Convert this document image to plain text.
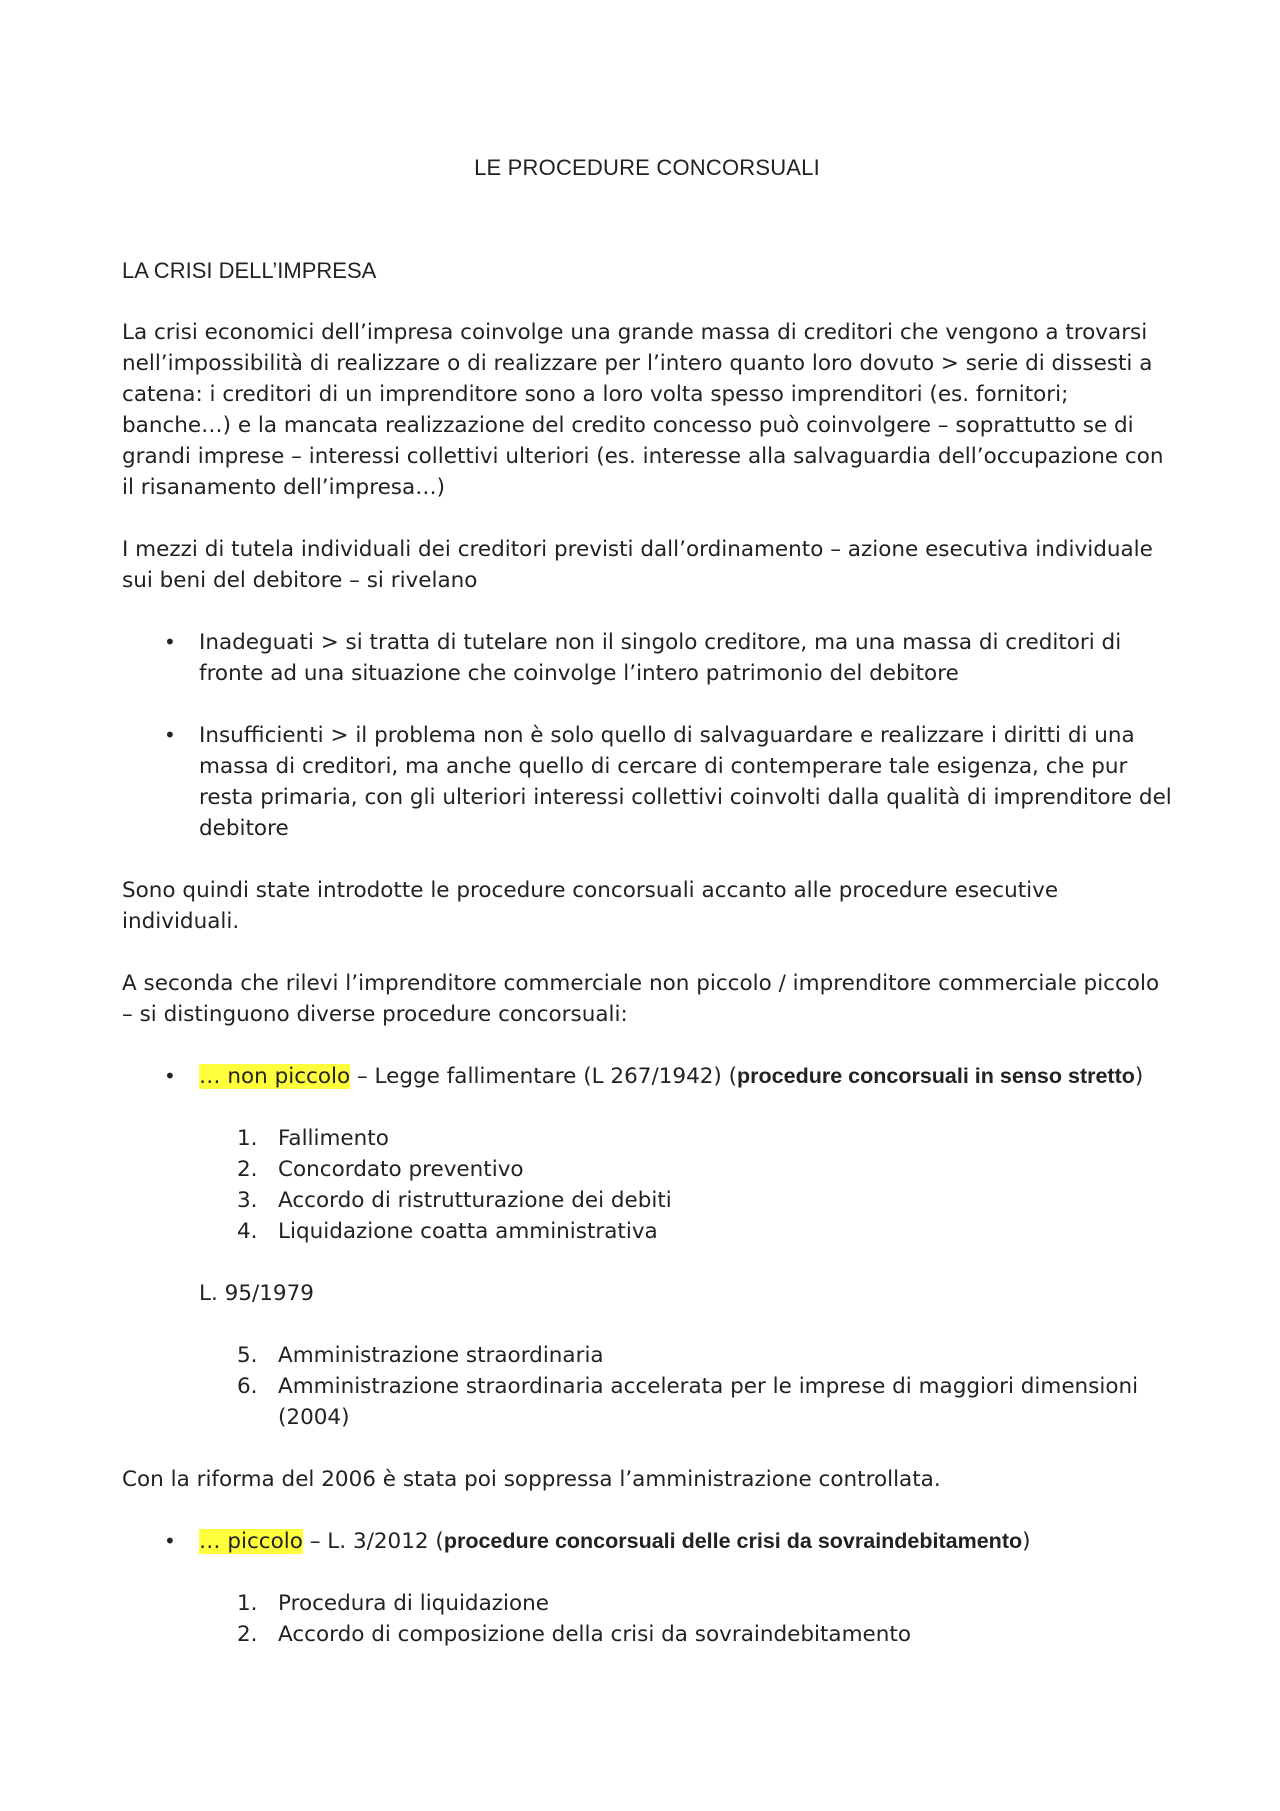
LE PROCEDURE CONCORSUALI
LA CRISI DELL’IMPRESA

La crisi economici dell’impresa coinvolge una grande massa di creditori che vengono a trovarsi nell’impossibilità di realizzare o di realizzare per l’intero quanto loro dovuto > serie di dissesti a catena: i creditori di un imprenditore sono a loro volta spesso imprenditori (es. fornitori; banche…) e la mancata realizzazione del credito concesso può coinvolgere – soprattutto se di grandi imprese – interessi collettivi ulteriori (es. interesse alla salvaguardia dell’occupazione con il risanamento dell’impresa…)

I mezzi di tutela individuali dei creditori previsti dall’ordinamento – azione esecutiva individuale sui beni del debitore – si rivelano

• Inadeguati > si tratta di tutelare non il singolo creditore, ma una massa di creditori di fronte ad una situazione che coinvolge l’intero patrimonio del debitore
• Insufficienti > il problema non è solo quello di salvaguardare e realizzare i diritti di una massa di creditori, ma anche quello di cercare di contemperare tale esigenza, che pur resta primaria, con gli ulteriori interessi collettivi coinvolti dalla qualità di imprenditore del debitore

Sono quindi state introdotte le procedure concorsuali accanto alle procedure esecutive individuali.

A seconda che rilevi l’imprenditore commerciale non piccolo / imprenditore commerciale piccolo – si distinguono diverse procedure concorsuali:

• … non piccolo – Legge fallimentare (L 267/1942) (procedure concorsuali in senso stretto)
1. Fallimento
2. Concordato preventivo
3. Accordo di ristrutturazione dei debiti
4. Liquidazione coatta amministrativa
L. 95/1979
5. Amministrazione straordinaria
6. Amministrazione straordinaria accelerata per le imprese di maggiori dimensioni (2004)

Con la riforma del 2006 è stata poi soppressa l’amministrazione controllata.

• … piccolo – L. 3/2012 (procedure concorsuali delle crisi da sovraindebitamento)
1. Procedura di liquidazione
2. Accordo di composizione della crisi da sovraindebitamento
